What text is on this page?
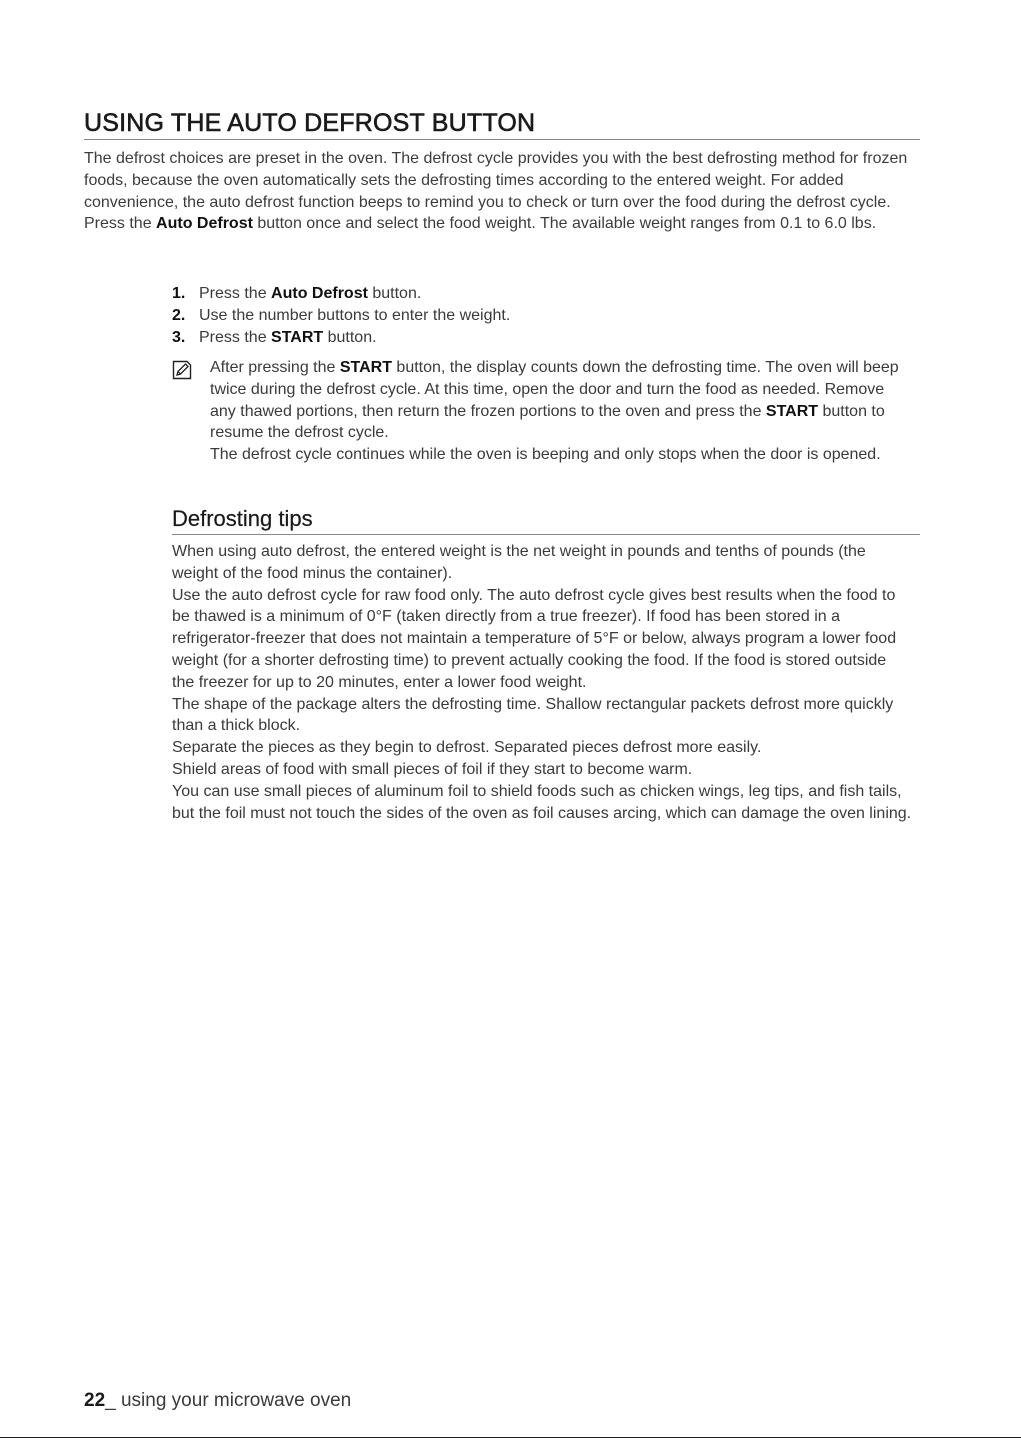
USING THE AUTO DEFROST BUTTON

The defrost choices are preset in the oven. The defrost cycle provides you with the best defrosting method for frozen foods, because the oven automatically sets the defrosting times according to the entered weight. For added convenience, the auto defrost function beeps to remind you to check or turn over the food during the defrost cycle.

Press the Auto Defrost button once and select the food weight. The available weight ranges from 0.1 to 6.0 lbs.

1. Press the Auto Defrost button.
2. Use the number buttons to enter the weight.
3. Press the START button.

After pressing the START button, the display counts down the defrosting time. The oven will beep twice during the defrost cycle. At this time, open the door and turn the food as needed. Remove any thawed portions, then return the frozen portions to the oven and press the START button to resume the defrost cycle.

The defrost cycle continues while the oven is beeping and only stops when the door is opened.

Defrosting tips

When using auto defrost, the entered weight is the net weight in pounds and tenths of pounds (the weight of the food minus the container).

Use the auto defrost cycle for raw food only. The auto defrost cycle gives best results when the food to be thawed is a minimum of 0°F (taken directly from a true freezer). If food has been stored in a refrigerator-freezer that does not maintain a temperature of 5°F or below, always program a lower food weight (for a shorter defrosting time) to prevent actually cooking the food. If the food is stored outside the freezer for up to 20 minutes, enter a lower food weight.

The shape of the package alters the defrosting time. Shallow rectangular packets defrost more quickly than a thick block.

Separate the pieces as they begin to defrost. Separated pieces defrost more easily.

Shield areas of food with small pieces of foil if they start to become warm.

You can use small pieces of aluminum foil to shield foods such as chicken wings, leg tips, and fish tails, but the foil must not touch the sides of the oven as foil causes arcing, which can damage the oven lining.

22_ using your microwave oven
